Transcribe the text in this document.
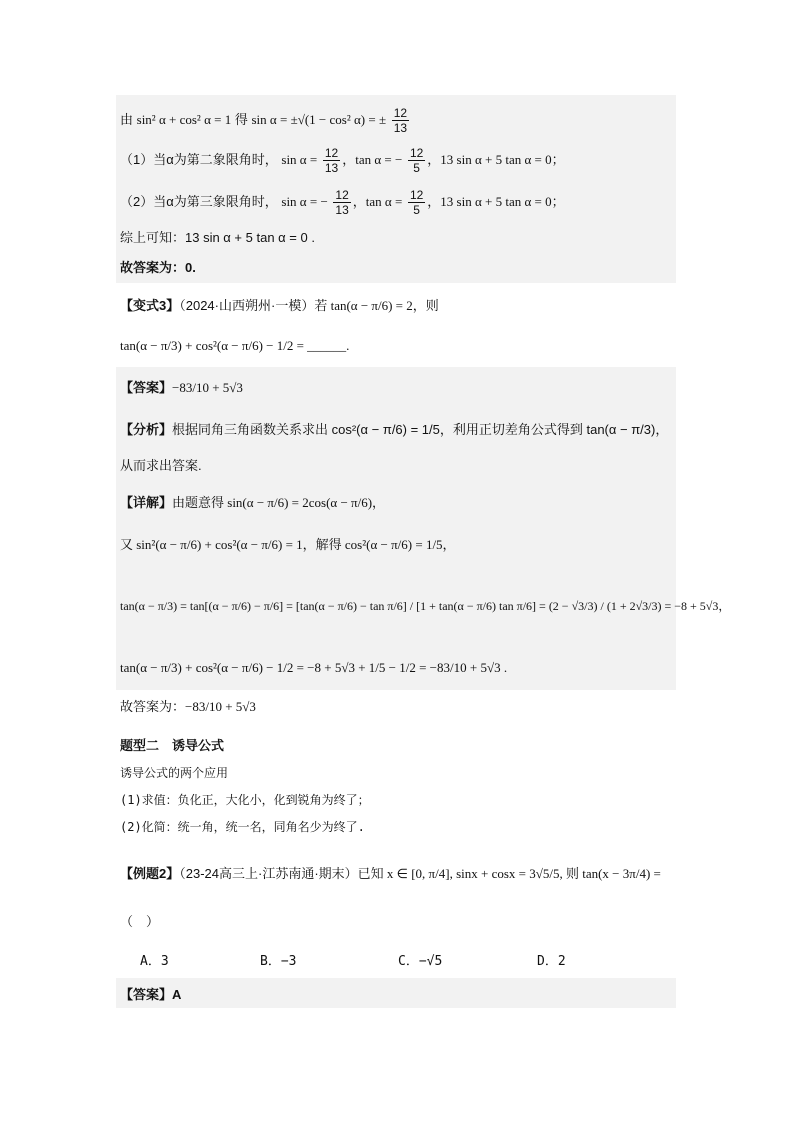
由 sin² α + cos² α = 1 得 sin α = ±√(1 − cos² α) = ± $\frac{12}{13}$
（1）当α为第二象限角时， $\sin \alpha = \frac{12}{13}$ ，tan α = − $\frac{12}{5}$ ，13 sin α + 5 tan α = 0；
（2）当α为第三象限角时， sin α = − $\frac{12}{13}$ ，$\tan \alpha = \frac{12}{5}$ ，13 sin α + 5 tan α = 0；
综上可知：13 sin α + 5 tan α = 0 .
故答案为：0.
【变式3】（2024·山西朔州·一模）若 tan(α − π/6) = 2，则
tan(α − π/3) + cos²(α − π/6) − 1/2 = ______.
【答案】−83/10 + 5√3
【分析】根据同角三角函数关系求出 cos²(α − π/6) = 1/5，利用正切差角公式得到 tan(α − π/3)，
从而求出答案.
【详解】由题意得 sin(α − π/6) = 2cos(α − π/6)，
又 sin²(α − π/6) + cos²(α − π/6) = 1，解得 cos²(α − π/6) = 1/5，
tan(α − π/3) = tan[(α − π/6) − π/6] = [tan(α − π/6) − tan π/6] / [1 + tan(α − π/6) tan π/6] = (2 − √3/3) / (1 + 2√3/3) = −8 + 5√3，
tan(α − π/3) + cos²(α − π/6) − 1/2 = −8 + 5√3 + 1/5 − 1/2 = −83/10 + 5√3 .
故答案为：−83/10 + 5√3
题型二　诱导公式
诱导公式的两个应用
(1)求值：负化正，大化小，化到锐角为终了；
(2)化简：统一角，统一名，同角名少为终了.
【例题2】（23-24高三上·江苏南通·期末）已知 x ∈ [0, π/4], sinx + cosx = 3√5/5, 则 tan(x − 3π/4) =
（　）
A．3	B．−3	C．−√5	D．2
【答案】A
